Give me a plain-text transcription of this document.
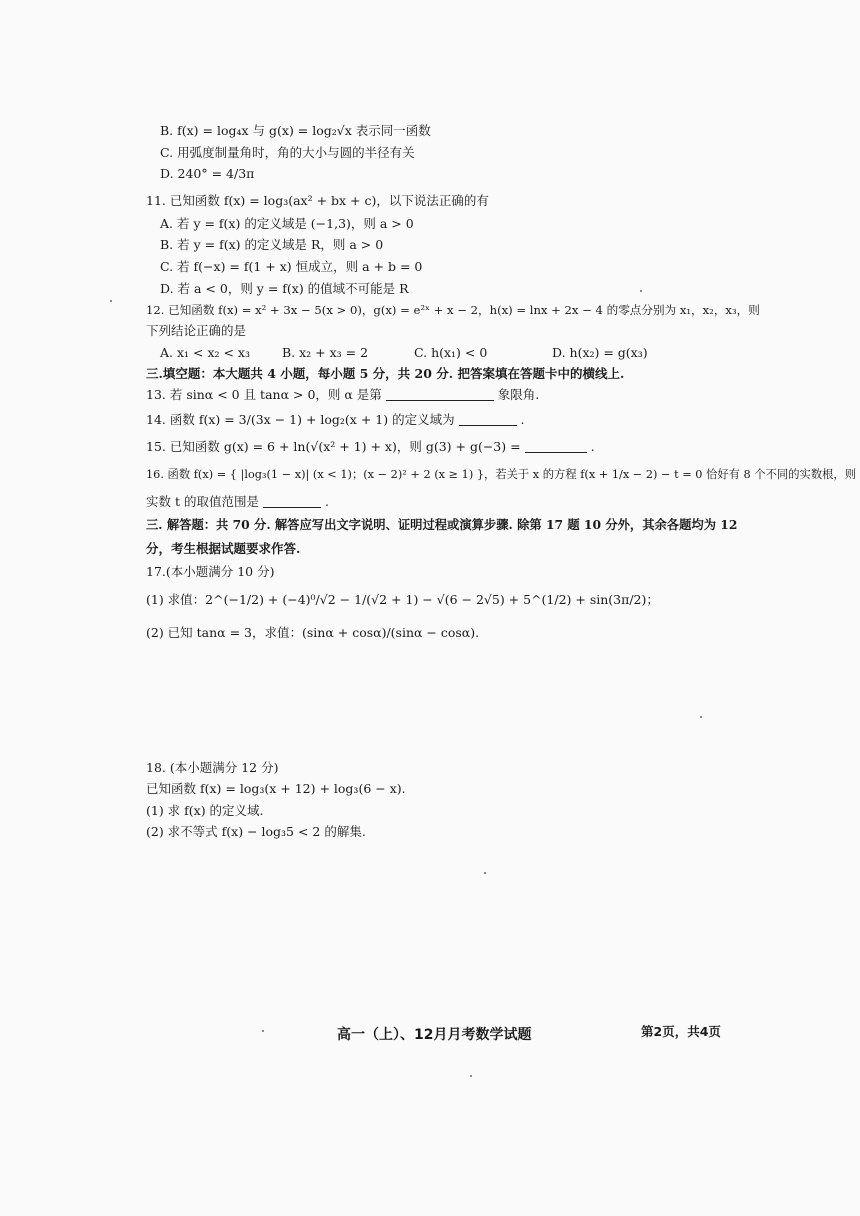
B. f(x) = log₄x 与 g(x) = log₂√x 表示同一函数
C. 用弧度制量角时，角的大小与圆的半径有关
D. 240° = 4/3π
11. 已知函数 f(x) = log₃(ax² + bx + c)，以下说法正确的有
A. 若 y = f(x) 的定义域是 (−1,3)，则 a > 0
B. 若 y = f(x) 的定义域是 R，则 a > 0
C. 若 f(−x) = f(1 + x) 恒成立，则 a + b = 0
D. 若 a < 0，则 y = f(x) 的值域不可能是 R
12. 已知函数 f(x) = x² + 3x − 5(x > 0)，g(x) = e²ˣ + x − 2，h(x) = lnx + 2x − 4 的零点分别为 x₁，x₂，x₃，则
下列结论正确的是
A. x₁ < x₂ < x₃	B. x₂ + x₃ = 2	C. h(x₁) < 0	D. h(x₂) = g(x₃)
三.填空题：本大题共 4 小题，每小题 5 分，共 20 分. 把答案填在答题卡中的横线上.
13. 若 sinα < 0 且 tanα > 0，则 α 是第	象限角.
14. 函数 f(x) = 3/(3x − 1) + log₂(x + 1) 的定义域为	.
15. 已知函数 g(x) = 6 + ln(√(x² + 1) + x)，则 g(3) + g(−3) =	.
16. 函数 f(x) = { |log₃(1 − x)| (x < 1)；(x − 2)² + 2 (x ≥ 1) }，若关于 x 的方程 f(x + 1/x − 2) − t = 0 恰好有 8 个不同的实数根，则
实数 t 的取值范围是	.
三. 解答题：共 70 分. 解答应写出文字说明、证明过程或演算步骤. 除第 17 题 10 分外，其余各题均为 12
分，考生根据试题要求作答.
17.(本小题满分 10 分)
(1) 求值：2^(−1/2) + (−4)⁰/√2 − 1/(√2 + 1) − √(6 − 2√5) + 5^(1/2) + sin(3π/2)；
(2) 已知 tanα = 3，求值：(sinα + cosα)/(sinα − cosα).
18. (本小题满分 12 分)
已知函数 f(x) = log₃(x + 12) + log₃(6 − x).
(1) 求 f(x) 的定义域.
(2) 求不等式 f(x) − log₃5 < 2 的解集.
高一（上）、12月月考数学试题	第2页，共4页
